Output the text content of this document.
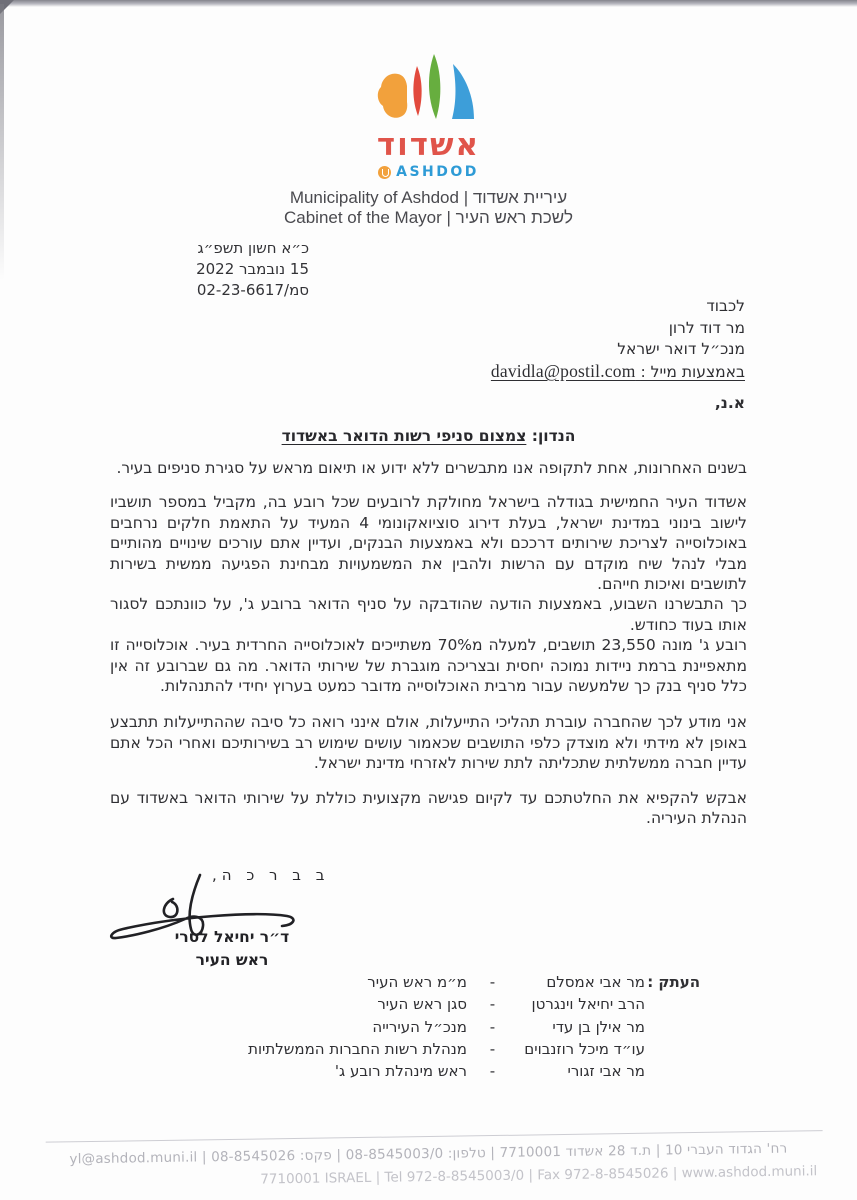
אשדוד
ASHDOD
Municipality of Ashdod | עיריית אשדוד
Cabinet of the Mayor | לשכת ראש העיר
כ״א חשון תשפ״ג
15 נובמבר 2022
סמ/02-23-6617
לכבוד
מר דוד לרון
מנכ״ל דואר ישראל
באמצעות מייל : davidla@postil.com
א.נ,
הנדון: צמצום סניפי רשות הדואר באשדוד

בשנים האחרונות, אחת לתקופה אנו מתבשרים ללא ידוע או תיאום מראש על סגירת סניפים בעיר.

אשדוד העיר החמישית בגודלה בישראל מחולקת לרובעים שכל רובע בה, מקביל במספר תושביו לישוב בינוני במדינת ישראל, בעלת דירוג סוציואקונומי 4 המעיד על התאמת חלקים נרחבים באוכלוסייה לצריכת שירותים דרככם ולא באמצעות הבנקים, ועדיין אתם עורכים שינויים מהותיים מבלי לנהל שיח מוקדם עם הרשות ולהבין את המשמעויות מבחינת הפגיעה ממשית בשירות לתושבים ואיכות חייהם.

כך התבשרנו השבוע, באמצעות הודעה שהודבקה על סניף הדואר ברובע ג', על כוונתכם לסגור אותו בעוד כחודש.

רובע ג' מונה 23,550 תושבים, למעלה מ70% משתייכים לאוכלוסייה החרדית בעיר. אוכלוסייה זו מתאפיינת ברמת ניידות נמוכה יחסית ובצריכה מוגברת של שירותי הדואר. מה גם שברובע זה אין כלל סניף בנק כך שלמעשה עבור מרבית האוכלוסייה מדובר כמעט בערוץ יחידי להתנהלות.

אני מודע לכך שהחברה עוברת תהליכי התייעלות, אולם אינני רואה כל סיבה שההתייעלות תתבצע באופן לא מידתי ולא מוצדק כלפי התושבים שכאמור עושים שימוש רב בשירותיכם ואחרי הכל אתם עדיין חברה ממשלתית שתכליתה לתת שירות לאזרחי מדינת ישראל.

אבקש להקפיא את החלטתכם עד לקיום פגישה מקצועית כוללת על שירותי הדואר באשדוד עם הנהלת העיריה.

ב ב ר כ ה,
ד״ר יחיאל לסרי
ראש העיר
העתק :
מר אבי אמסלם
-
מ״מ ראש העיר
הרב יחיאל וינגרטן
-
סגן ראש העיר
מר אילן בן עדי
-
מנכ״ל העירייה
עו״ד מיכל רוזנבוים
-
מנהלת רשות החברות הממשלתיות
מר אבי זגורי
-
ראש מינהלת רובע ג'
רח' הגדוד העברי 10 | ת.ד 28 אשדוד 7710001 | טלפון: 08-8545003/0 | פקס: 08-8545026 | yl@ashdod.muni.il
7710001 ISRAEL | Tel 972-8-8545003/0 | Fax 972-8-8545026 | www.ashdod.muni.il
